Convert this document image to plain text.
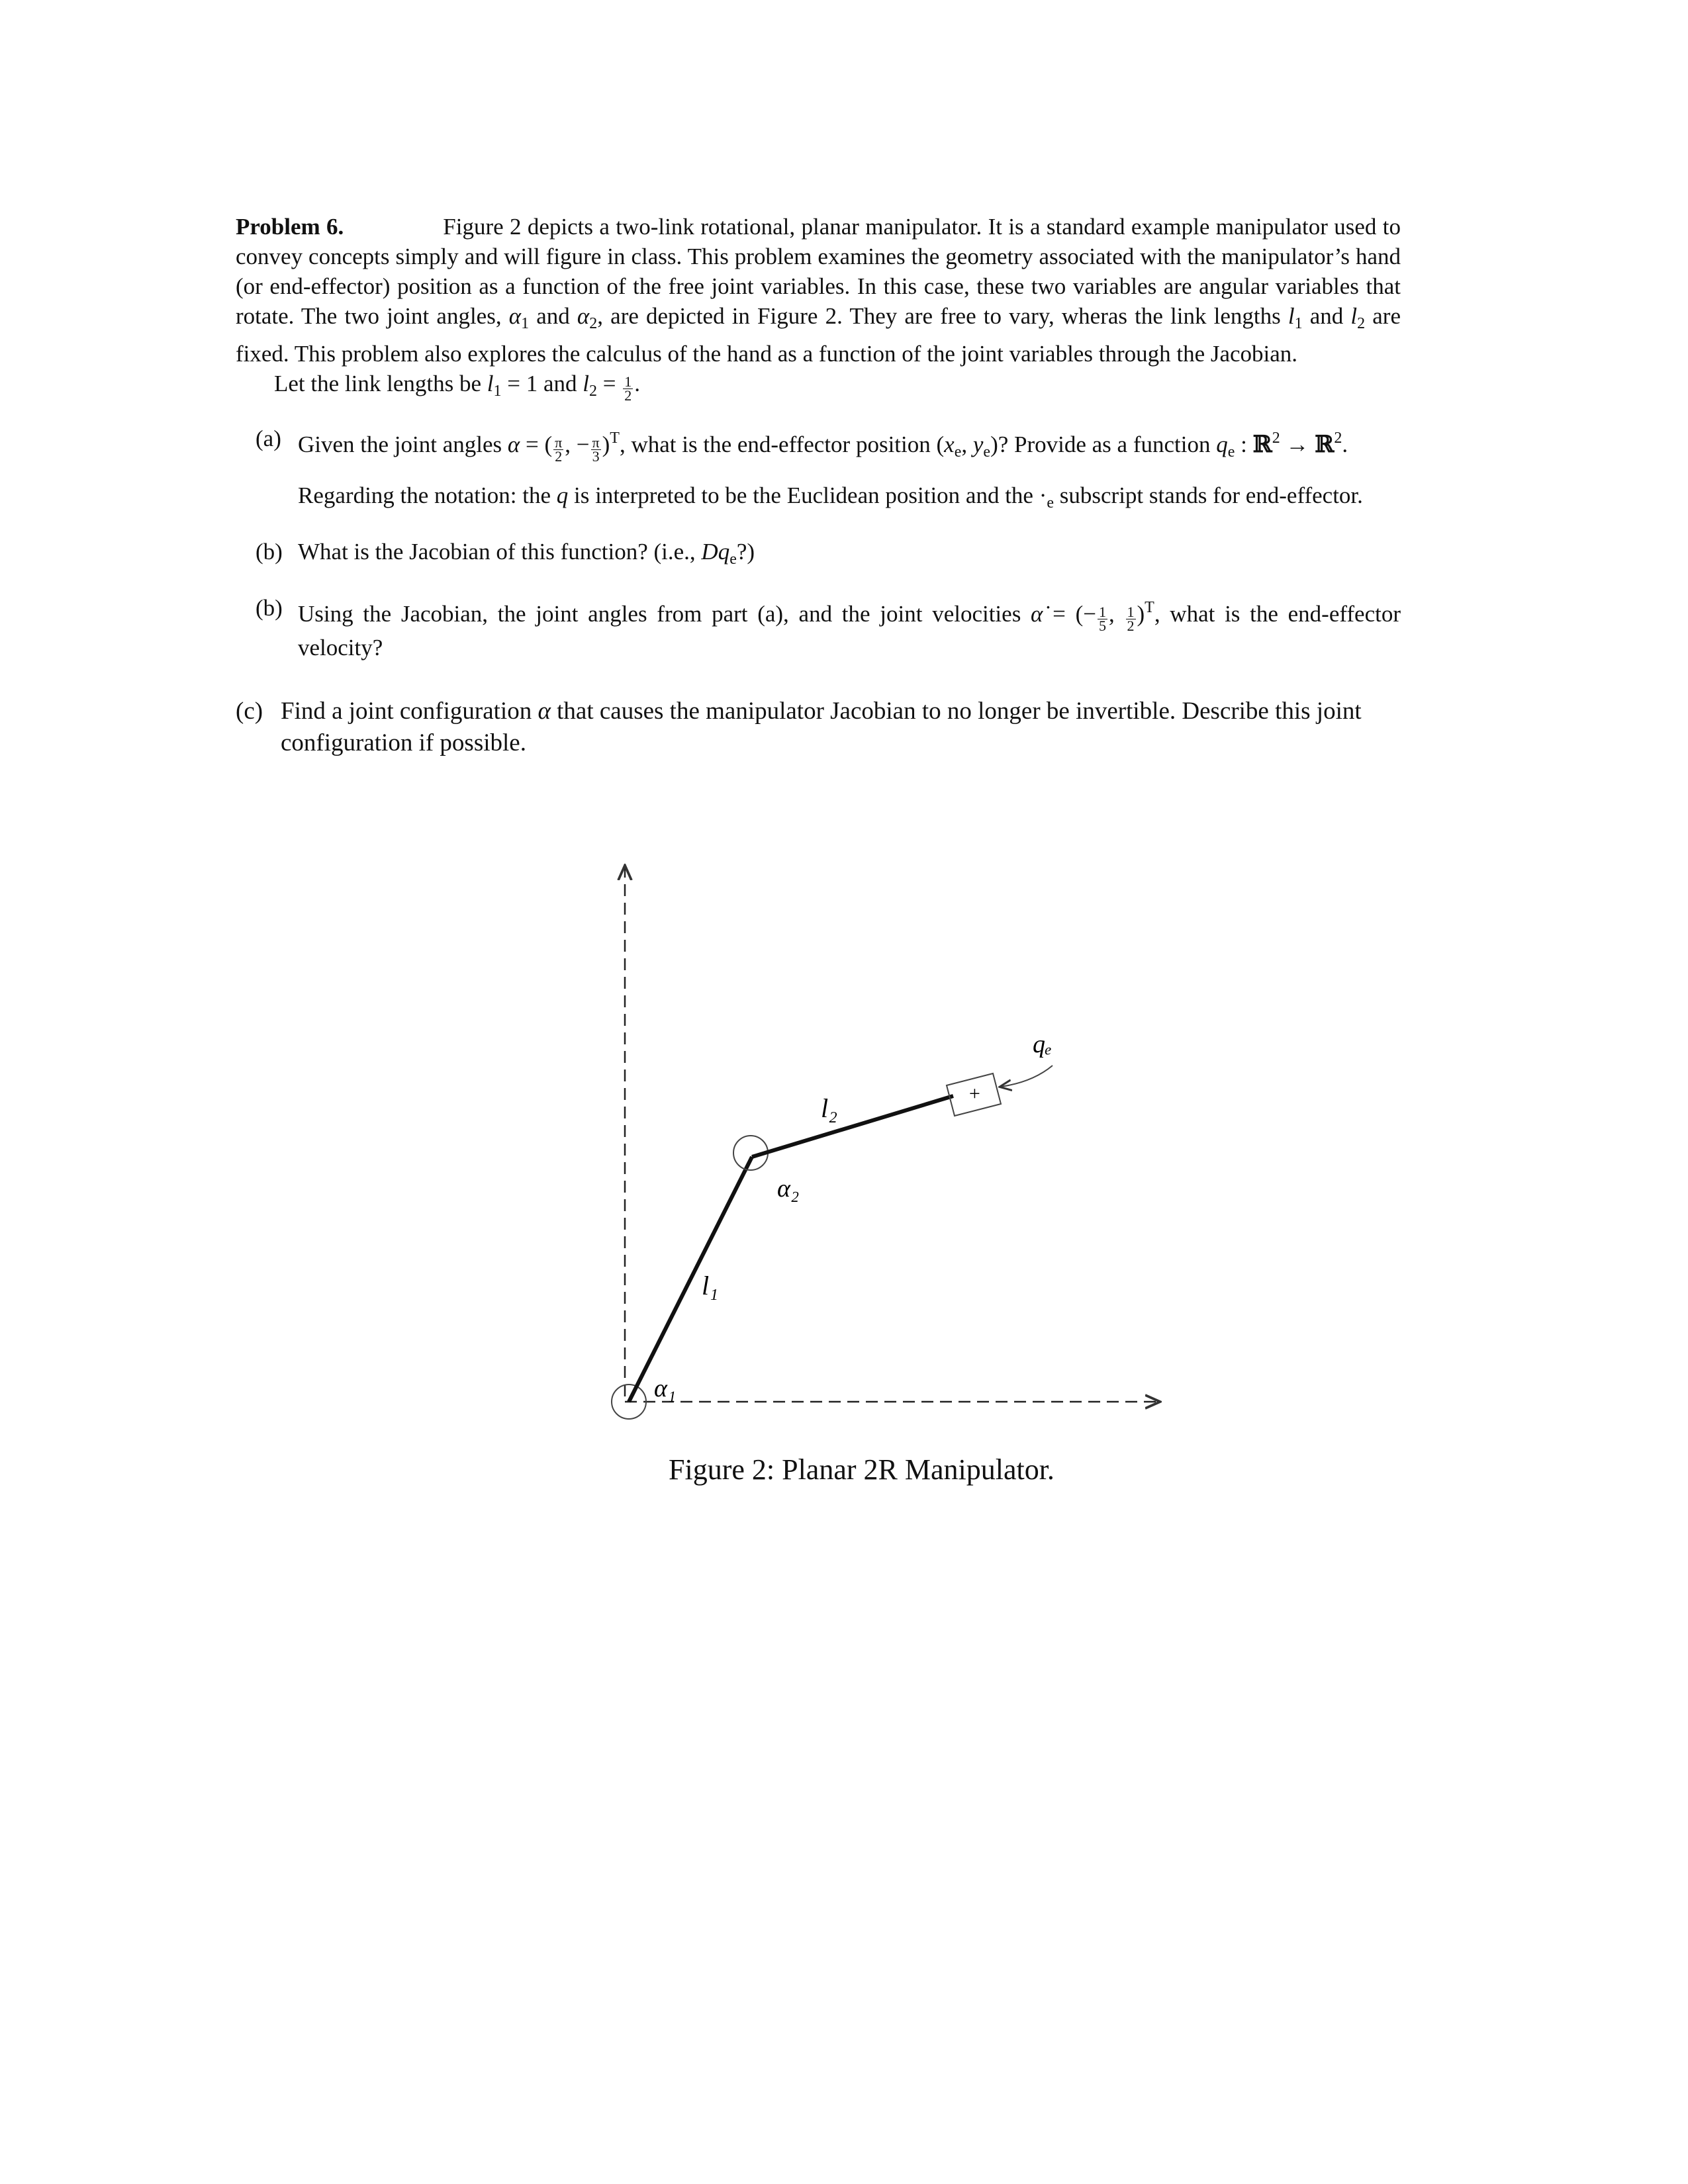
Problem 6.	Figure 2 depicts a two-link rotational, planar manipulator. It is a standard example manipulator used to convey concepts simply and will figure in class. This problem examines the geometry associated with the manipulator’s hand (or end-effector) position as a function of the free joint variables. In this case, these two variables are angular variables that rotate. The two joint angles, $\alpha_1$ and $\alpha_2$, are depicted in Figure 2. They are free to vary, wheras the link lengths $l_1$ and $l_2$ are fixed. This problem also explores the calculus of the hand as a function of the joint variables through the Jacobian.

Let the link lengths be $l_1 = 1$ and $l_2 = \frac{1}{2}$ .

(a) Given the joint angles α = ( $\frac{\pi}{2}$ , − $\frac{\pi}{3} )^T$, what is the end-effector position ($x_e$, $y_e$)? Provide as a function $q_e$ : ℝ$^2$ → ℝ$^2$.

Regarding the notation: the q is interpreted to be the Euclidean position and the $\cdot_e$ subscript stands for end-effector.

(b) What is the Jacobian of this function? (i.e., $Dq_e$?)

(b) Using the Jacobian, the joint angles from part (a), and the joint velocities α̇ = (− $\frac{1}{5}$ , $\frac{1}{2} )^T$, what is the end-effector velocity?

(c) Find a joint configuration α that causes the manipulator Jacobian to no longer be invertible. Describe this joint configuration if possible.

+
qₑ
l₂
α₂
l₁
α₁
Figure 2: Planar 2R Manipulator.
